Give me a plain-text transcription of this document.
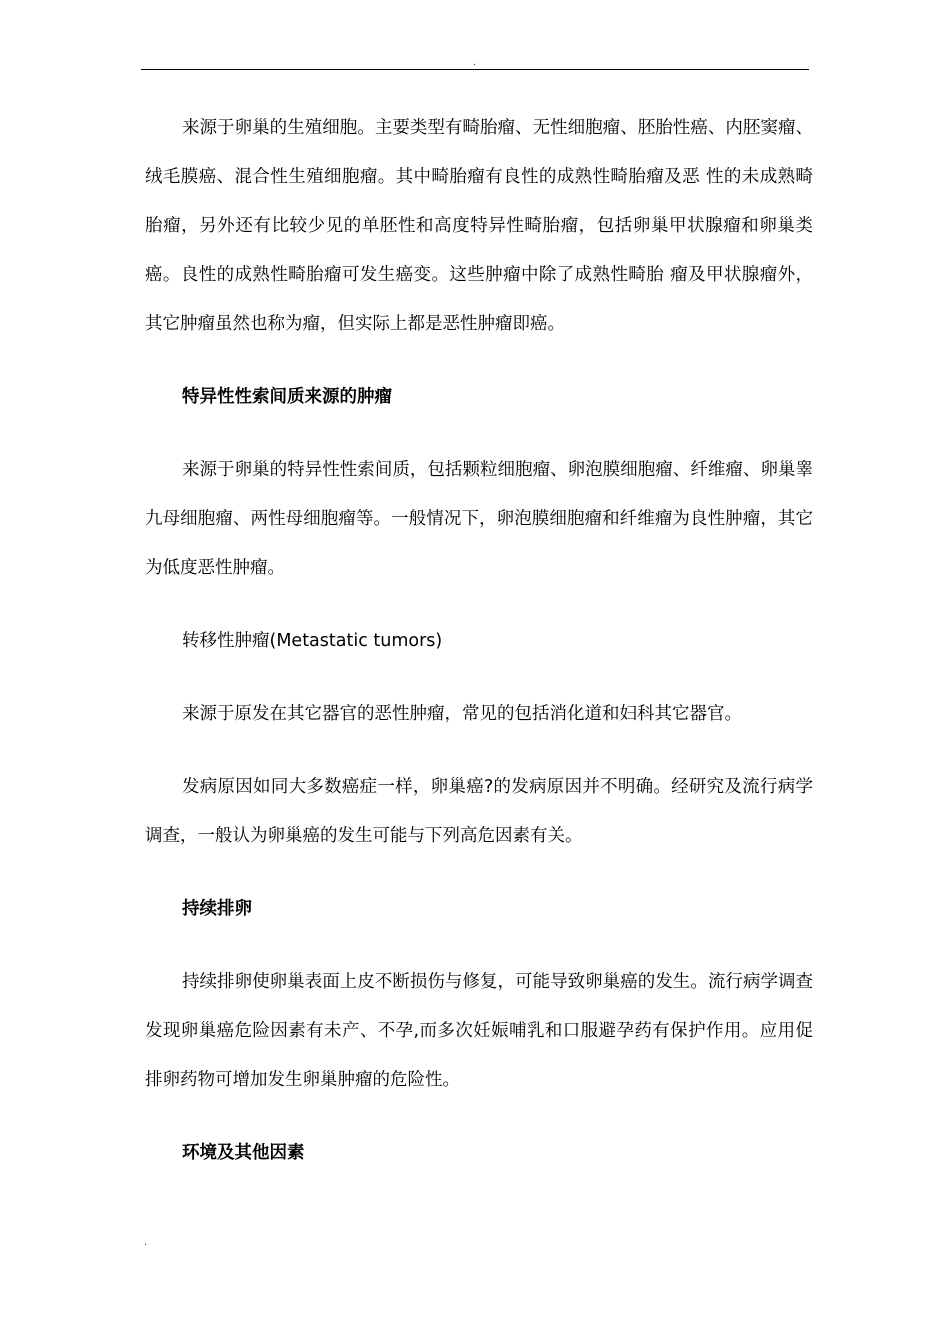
.

来源于卵巢的生殖细胞。主要类型有畸胎瘤、无性细胞瘤、胚胎性癌、内胚窦瘤、绒毛膜癌、混合性生殖细胞瘤。其中畸胎瘤有良性的成熟性畸胎瘤及恶 性的未成熟畸胎瘤，另外还有比较少见的单胚性和高度特异性畸胎瘤，包括卵巢甲状腺瘤和卵巢类癌。良性的成熟性畸胎瘤可发生癌变。这些肿瘤中除了成熟性畸胎 瘤及甲状腺瘤外，其它肿瘤虽然也称为瘤，但实际上都是恶性肿瘤即癌。

特异性性索间质来源的肿瘤

来源于卵巢的特异性性索间质，包括颗粒细胞瘤、卵泡膜细胞瘤、纤维瘤、卵巢睾九母细胞瘤、两性母细胞瘤等。一般情况下，卵泡膜细胞瘤和纤维瘤为良性肿瘤，其它为低度恶性肿瘤。

转移性肿瘤(Metastatic tumors)

来源于原发在其它器官的恶性肿瘤，常见的包括消化道和妇科其它器官。

发病原因如同大多数癌症一样，卵巢癌?的发病原因并不明确。经研究及流行病学调查，一般认为卵巢癌的发生可能与下列高危因素有关。

持续排卵

持续排卵使卵巢表面上皮不断损伤与修复，可能导致卵巢癌的发生。流行病学调查发现卵巢癌危险因素有未产、不孕,而多次妊娠哺乳和口服避孕药有保护作用。应用促排卵药物可增加发生卵巢肿瘤的危险性。

环境及其他因素

.
